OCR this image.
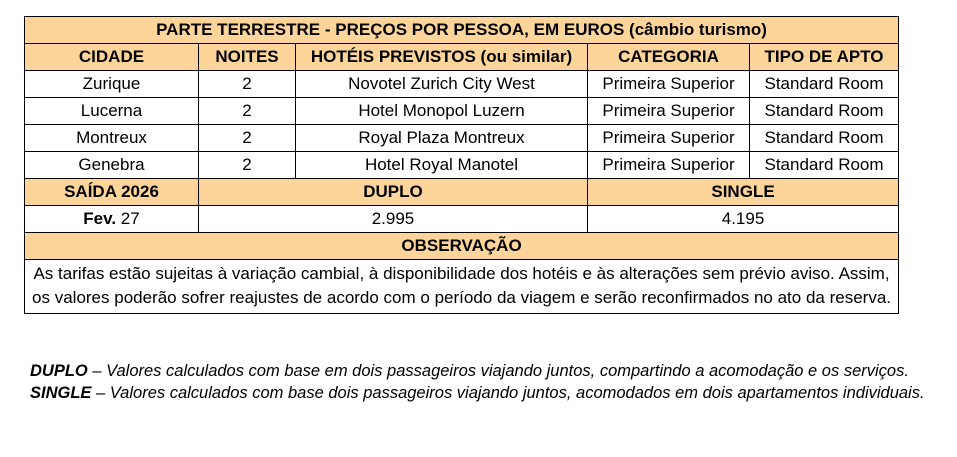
PARTE TERRESTRE - PREÇOS POR PESSOA, EM EUROS (câmbio turismo)				
CIDADE	NOITES	HOTÉIS PREVISTOS (ou similar)	CATEGORIA	TIPO DE APTO
Zurique	2	Novotel Zurich City West	Primeira Superior	Standard Room
Lucerna	2	Hotel Monopol Luzern	Primeira Superior	Standard Room
Montreux	2	Royal Plaza Montreux	Primeira Superior	Standard Room
Genebra	2	Hotel Royal Manotel	Primeira Superior	Standard Room
SAÍDA 2026	DUPLO		SINGLE	
Fev. 27	2.995		4.195	
OBSERVAÇÃO				
As tarifas estão sujeitas à variação cambial, à disponibilidade dos hotéis e às alterações sem prévio aviso. Assim, os valores poderão sofrer reajustes de acordo com o período da viagem e serão reconfirmados no ato da reserva.				

DUPLO – Valores calculados com base em dois passageiros viajando juntos, compartindo a acomodação e os serviços.

SINGLE – Valores calculados com base dois passageiros viajando juntos, acomodados em dois apartamentos individuais.
